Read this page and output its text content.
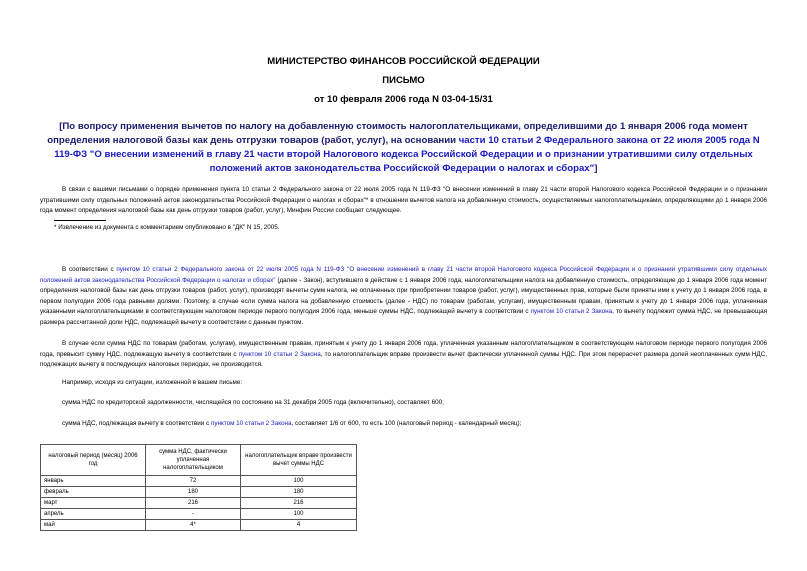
МИНИСТЕРСТВО ФИНАНСОВ РОССИЙСКОЙ ФЕДЕРАЦИИ
ПИСЬМО
от 10 февраля 2006 года N 03-04-15/31
[По вопросу применения вычетов по налогу на добавленную стоимость налогоплательщиками, определившими до 1 января 2006 года момент определения налоговой базы как день отгрузки товаров (работ, услуг), на основании части 10 статьи 2 Федерального закона от 22 июля 2005 года N 119-ФЗ "О внесении изменений в главу 21 части второй Налогового кодекса Российской Федерации и о признании утратившими силу отдельных положений актов законодательства Российской Федерации о налогах и сборах"]
В связи с вашими письмами о порядке применения пункта 10 статьи 2 Федерального закона от 22 июля 2005 года N 119-ФЗ "О внесении изменений в главу 21 части второй Налогового кодекса Российской Федерации и о признании утратившими силу отдельных положений актов законодательства Российской Федерации о налогах и сборах"* в отношении вычетов налога на добавленную стоимость, осуществляемых налогоплательщиками, определяющими до 1 января 2006 года момент определения налоговой базы как день отгрузки товаров (работ, услуг), Минфин России сообщает следующее.
* Извлечение из документа с комментарием опубликовано в "ДК" N 15, 2005.
В соответствии с пунктом 10 статьи 2 Федерального закона от 22 июля 2005 года N 119-ФЗ "О внесении изменений в главу 21 части второй Налогового кодекса Российской Федерации и о признании утратившими силу отдельных положений актов законодательства Российской Федерации о налогах и сборах" (далее - Закон), вступившего в действие с 1 января 2006 года, налогоплательщики налога на добавленную стоимость, определяющие до 1 января 2006 года момент определения налоговой базы как день отгрузки товаров (работ, услуг), производят вычеты сумм налога, не оплаченных при приобретении товаров (работ, услуг), имущественных прав, которые были приняты ими к учету до 1 января 2006 года, в первом полугодии 2006 года равными долями. Поэтому, в случае если сумма налога на добавленную стоимость (далее - НДС) по товарам (работам, услугам), имущественным правам, принятым к учету до 1 января 2006 года, уплаченная указанными налогоплательщиками в соответствующем налоговом периоде первого полугодия 2006 года, меньше суммы НДС, подлежащей вычету в соответствии с пунктом 10 статьи 2 Закона, то вычету подлежит сумма НДС, не превышающая размера рассчитанной доли НДС, подлежащей вычету в соответствии с данным пунктом.
В случае если сумма НДС по товарам (работам, услугам), имущественным правам, принятым к учету до 1 января 2006 года, уплаченная указанным налогоплательщиком в соответствующем налоговом периоде первого полугодия 2006 года, превысит сумму НДС, подлежащую вычету в соответствии с пунктом 10 статьи 2 Закона, то налогоплательщик вправе произвести вычет фактически уплаченной суммы НДС. При этом перерасчет размера долей неоплаченных сумм НДС, подлежащих вычету в последующих налоговых периодах, не производится.
Например, исходя из ситуации, изложенной в вашем письме:
сумма НДС по кредиторской задолженности, числящейся по состоянию на 31 декабря 2005 года (включительно), составляет 600;
сумма НДС, подлежащая вычету в соответствии с пунктом 10 статьи 2 Закона, составляет 1/6 от 600, то есть 100 (налоговый период - календарный месяц);
налоговый период (месяц) 2006 год	сумма НДС, фактически уплаченная налогоплательщиком	налогоплательщик вправе произвести вычет суммы НДС
январь	72	100
февраль	180	180
март	216	216
апрель	-	100
май	4*	4
